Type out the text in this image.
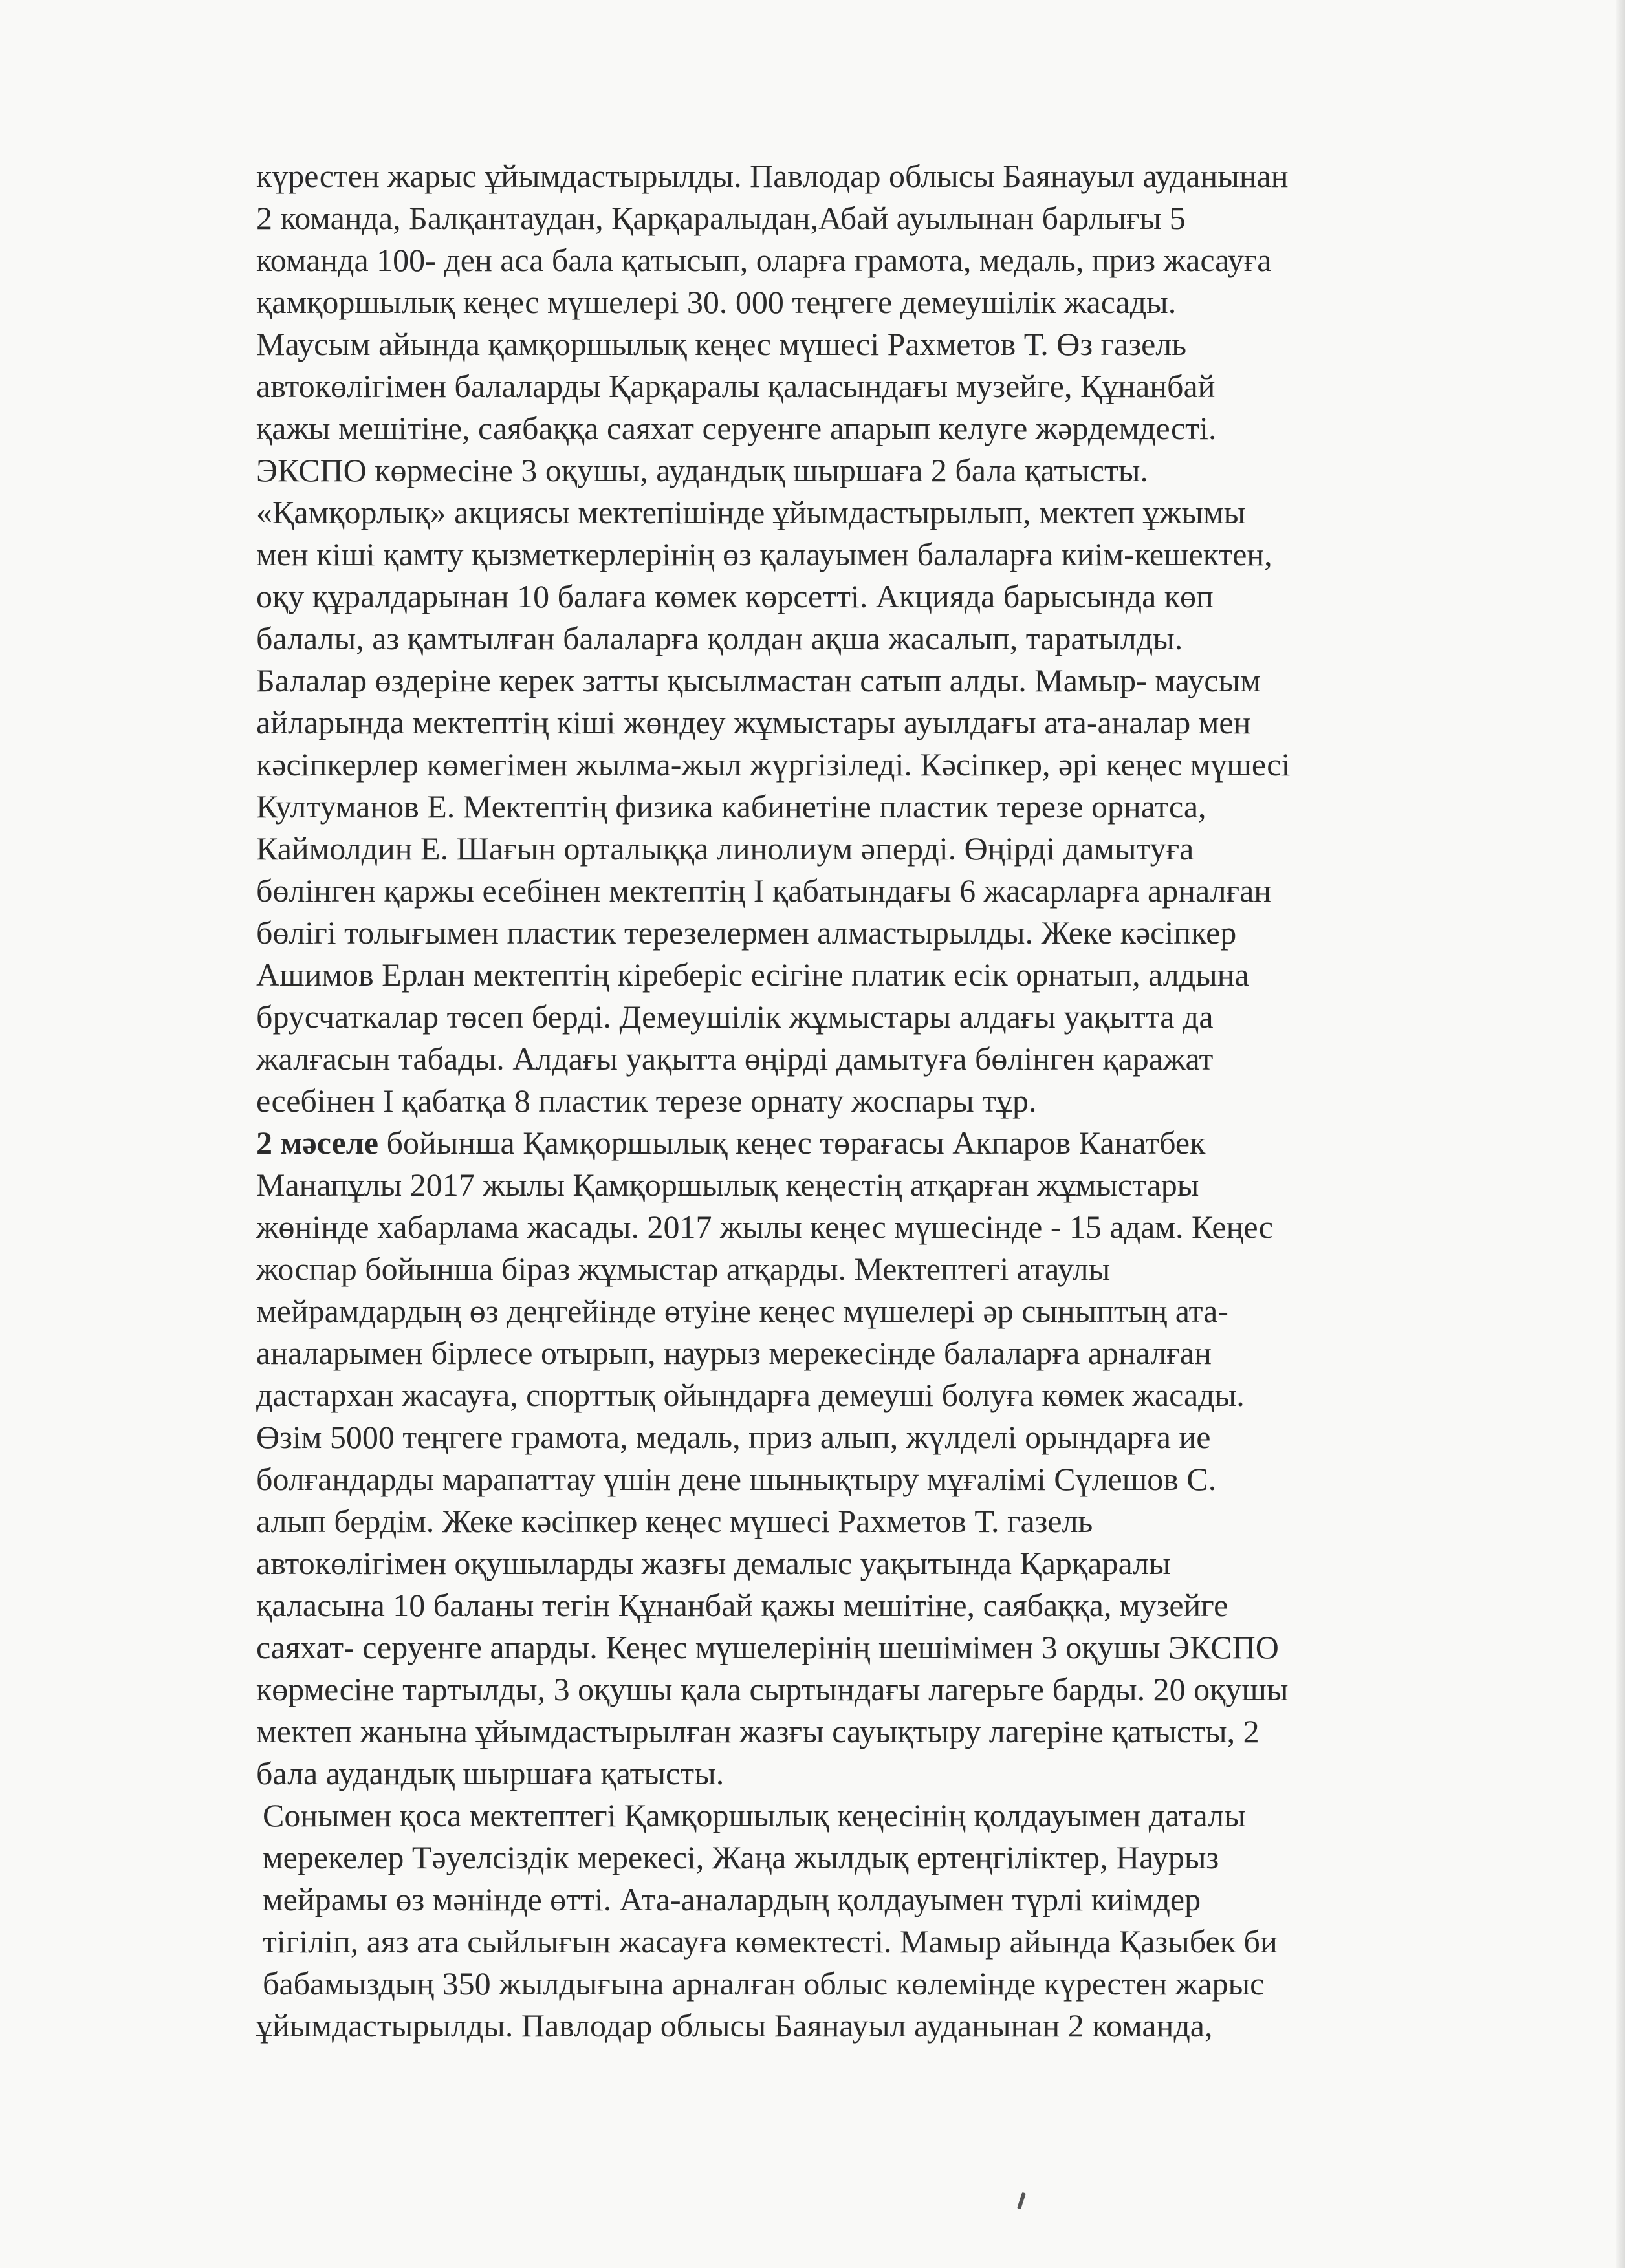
күрестен жарыс ұйымдастырылды. Павлодар облысы Баянауыл ауданынан
2 команда, Балқантаудан, Қарқаралыдан,Абай ауылынан барлығы 5
команда 100- ден аса бала қатысып, оларға грамота, медаль, приз жасауға
қамқоршылық кеңес мүшелері 30. 000 теңгеге демеушілік жасады.
Маусым айында қамқоршылық кеңес мүшесі Рахметов Т. Өз газель
автокөлігімен балаларды Қарқаралы қаласындағы музейге, Құнанбай
қажы мешітіне, саябаққа саяхат серуенге апарып келуге жәрдемдесті.
ЭКСПО көрмесіне 3 оқушы, аудандық шыршаға 2 бала қатысты.
«Қамқорлық» акциясы мектепішінде ұйымдастырылып, мектеп ұжымы
мен кіші қамту қызметкерлерінің өз қалауымен балаларға киім-кешектен,
оқу құралдарынан 10 балаға көмек көрсетті. Акцияда барысында көп
балалы, аз қамтылған балаларға қолдан ақша жасалып, таратылды.
Балалар өздеріне керек затты қысылмастан сатып алды. Мамыр- маусым
айларында мектептің кіші жөндеу жұмыстары ауылдағы ата-аналар мен
кәсіпкерлер көмегімен жылма-жыл жүргізіледі. Кәсіпкер, әрі кеңес мүшесі
Култуманов Е. Мектептің физика кабинетіне пластик терезе орнатса,
Каймолдин Е. Шағын орталыққа линолиум әперді. Өңірді дамытуға
бөлінген қаржы есебінен мектептің І қабатындағы 6 жасарларға арналған
бөлігі толығымен пластик терезелермен алмастырылды. Жеке кәсіпкер
Ашимов Ерлан мектептің кіреберіс есігіне платик есік орнатып, алдына
брусчаткалар төсеп берді. Демеушілік жұмыстары алдағы уақытта да
жалғасын табады. Алдағы уақытта өңірді дамытуға бөлінген қаражат
есебінен І қабатқа 8 пластик терезе орнату жоспары тұр.
2 мәселе бойынша Қамқоршылық кеңес төрағасы Акпаров Канатбек
Манапұлы 2017 жылы Қамқоршылық кеңестің атқарған жұмыстары
жөнінде хабарлама жасады. 2017 жылы кеңес мүшесінде - 15 адам. Кеңес
жоспар бойынша біраз жұмыстар атқарды. Мектептегі атаулы
мейрамдардың өз деңгейінде өтуіне кеңес мүшелері әр сыныптың ата-
аналарымен бірлесе отырып, наурыз мерекесінде балаларға арналған
дастархан жасауға, спорттық ойындарға демеуші болуға көмек жасады.
Өзім 5000 теңгеге грамота, медаль, приз алып, жүлделі орындарға ие
болғандарды марапаттау үшін дене шынықтыру мұғалімі Сүлешов С.
алып бердім. Жеке кәсіпкер кеңес мүшесі Рахметов Т. газель
автокөлігімен оқушыларды жазғы демалыс уақытында Қарқаралы
қаласына 10 баланы тегін Құнанбай қажы мешітіне, саябаққа, музейге
саяхат- серуенге апарды. Кеңес мүшелерінің шешімімен 3 оқушы ЭКСПО
көрмесіне тартылды, 3 оқушы қала сыртындағы лагерьге барды. 20 оқушы
мектеп жанына ұйымдастырылған жазғы сауықтыру лагеріне қатысты, 2
бала аудандық шыршаға қатысты.
Сонымен қоса мектептегі Қамқоршылық кеңесінің қолдауымен даталы
мерекелер Тәуелсіздік мерекесі, Жаңа жылдық ертеңгіліктер, Наурыз
мейрамы өз мәнінде өтті. Ата-аналардың қолдауымен түрлі киімдер
тігіліп, аяз ата сыйлығын жасауға көмектесті. Мамыр айында Қазыбек би
бабамыздың 350 жылдығына арналған облыс көлемінде күрестен жарыс
ұйымдастырылды. Павлодар облысы Баянауыл ауданынан 2 команда,
